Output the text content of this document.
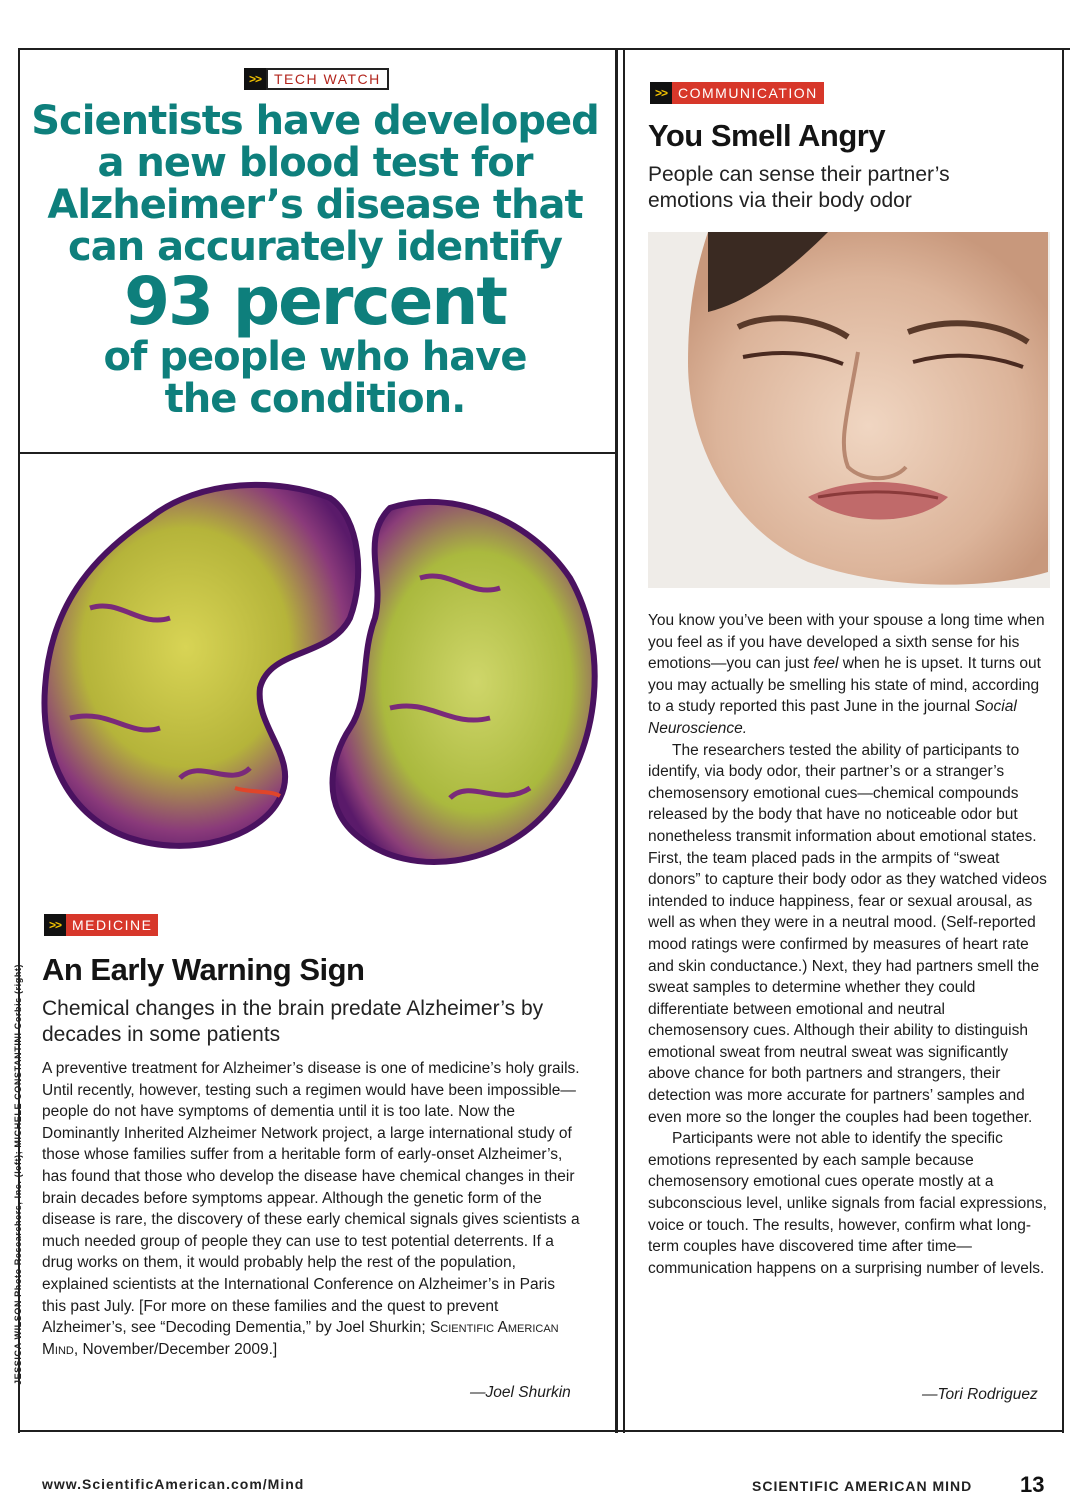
JESSICA WILSON Photo Researchers, Inc. (left); MICHELE CONSTANTINI Corbis (right)
>> TECH WATCH
Scientists have developed
a new blood test for
Alzheimer’s disease that
can accurately identify
93 percent
of people who have
the condition.
>> MEDICINE
An Early Warning Sign
Chemical changes in the brain predate Alzheimer’s by decades in some patients

A preventive treatment for Alzheimer’s disease is one of medicine’s holy grails. Until recently, however, testing such a regimen would have been impossible—people do not have symptoms of dementia until it is too late. Now the Dominantly Inherited Alzheimer Network project, a large international study of those whose families suffer from a heritable form of early-onset Alzheimer’s, has found that those who develop the disease have chemical changes in their brain decades before symptoms appear. Although the genetic form of the disease is rare, the discovery of these early chemical signals gives scientists a much needed group of people they can use to test potential deterrents. If a drug works on them, it would probably help the rest of the population, explained scientists at the International Conference on Alzheimer’s in Paris this past July. [For more on these families and the quest to prevent Alzheimer’s, see “Decoding Dementia,” by Joel Shurkin; Scientific American Mind, November/December 2009.]

—Joel Shurkin
>> COMMUNICATION
You Smell Angry
People can sense their partner’s emotions via their body odor

You know you’ve been with your spouse a long time when you feel as if you have developed a sixth sense for his emotions—you can just feel when he is upset. It turns out you may actually be smelling his state of mind, according to a study reported this past June in the journal Social Neuroscience.

The researchers tested the ability of participants to identify, via body odor, their partner’s or a stranger’s chemosensory emotional cues—chemical compounds released by the body that have no noticeable odor but nonetheless transmit information about emotional states. First, the team placed pads in the armpits of “sweat donors” to capture their body odor as they watched videos intended to induce happiness, fear or sexual arousal, as well as when they were in a neutral mood. (Self-reported mood ratings were confirmed by measures of heart rate and skin conductance.) Next, they had partners smell the sweat samples to determine whether they could differentiate between emotional and neutral chemosensory cues. Although their ability to distinguish emotional sweat from neutral sweat was significantly above chance for both partners and strangers, their detection was more accurate for partners’ samples and even more so the longer the couples had been together.

Participants were not able to identify the specific emotions represented by each sample because chemosensory emotional cues operate mostly at a subconscious level, unlike signals from facial expressions, voice or touch. The results, however, confirm what long-term couples have discovered time after time—communication happens on a surprising number of levels.

—Tori Rodriguez
www.ScientificAmerican.com/Mind	SCIENTIFIC AMERICAN MIND 13
